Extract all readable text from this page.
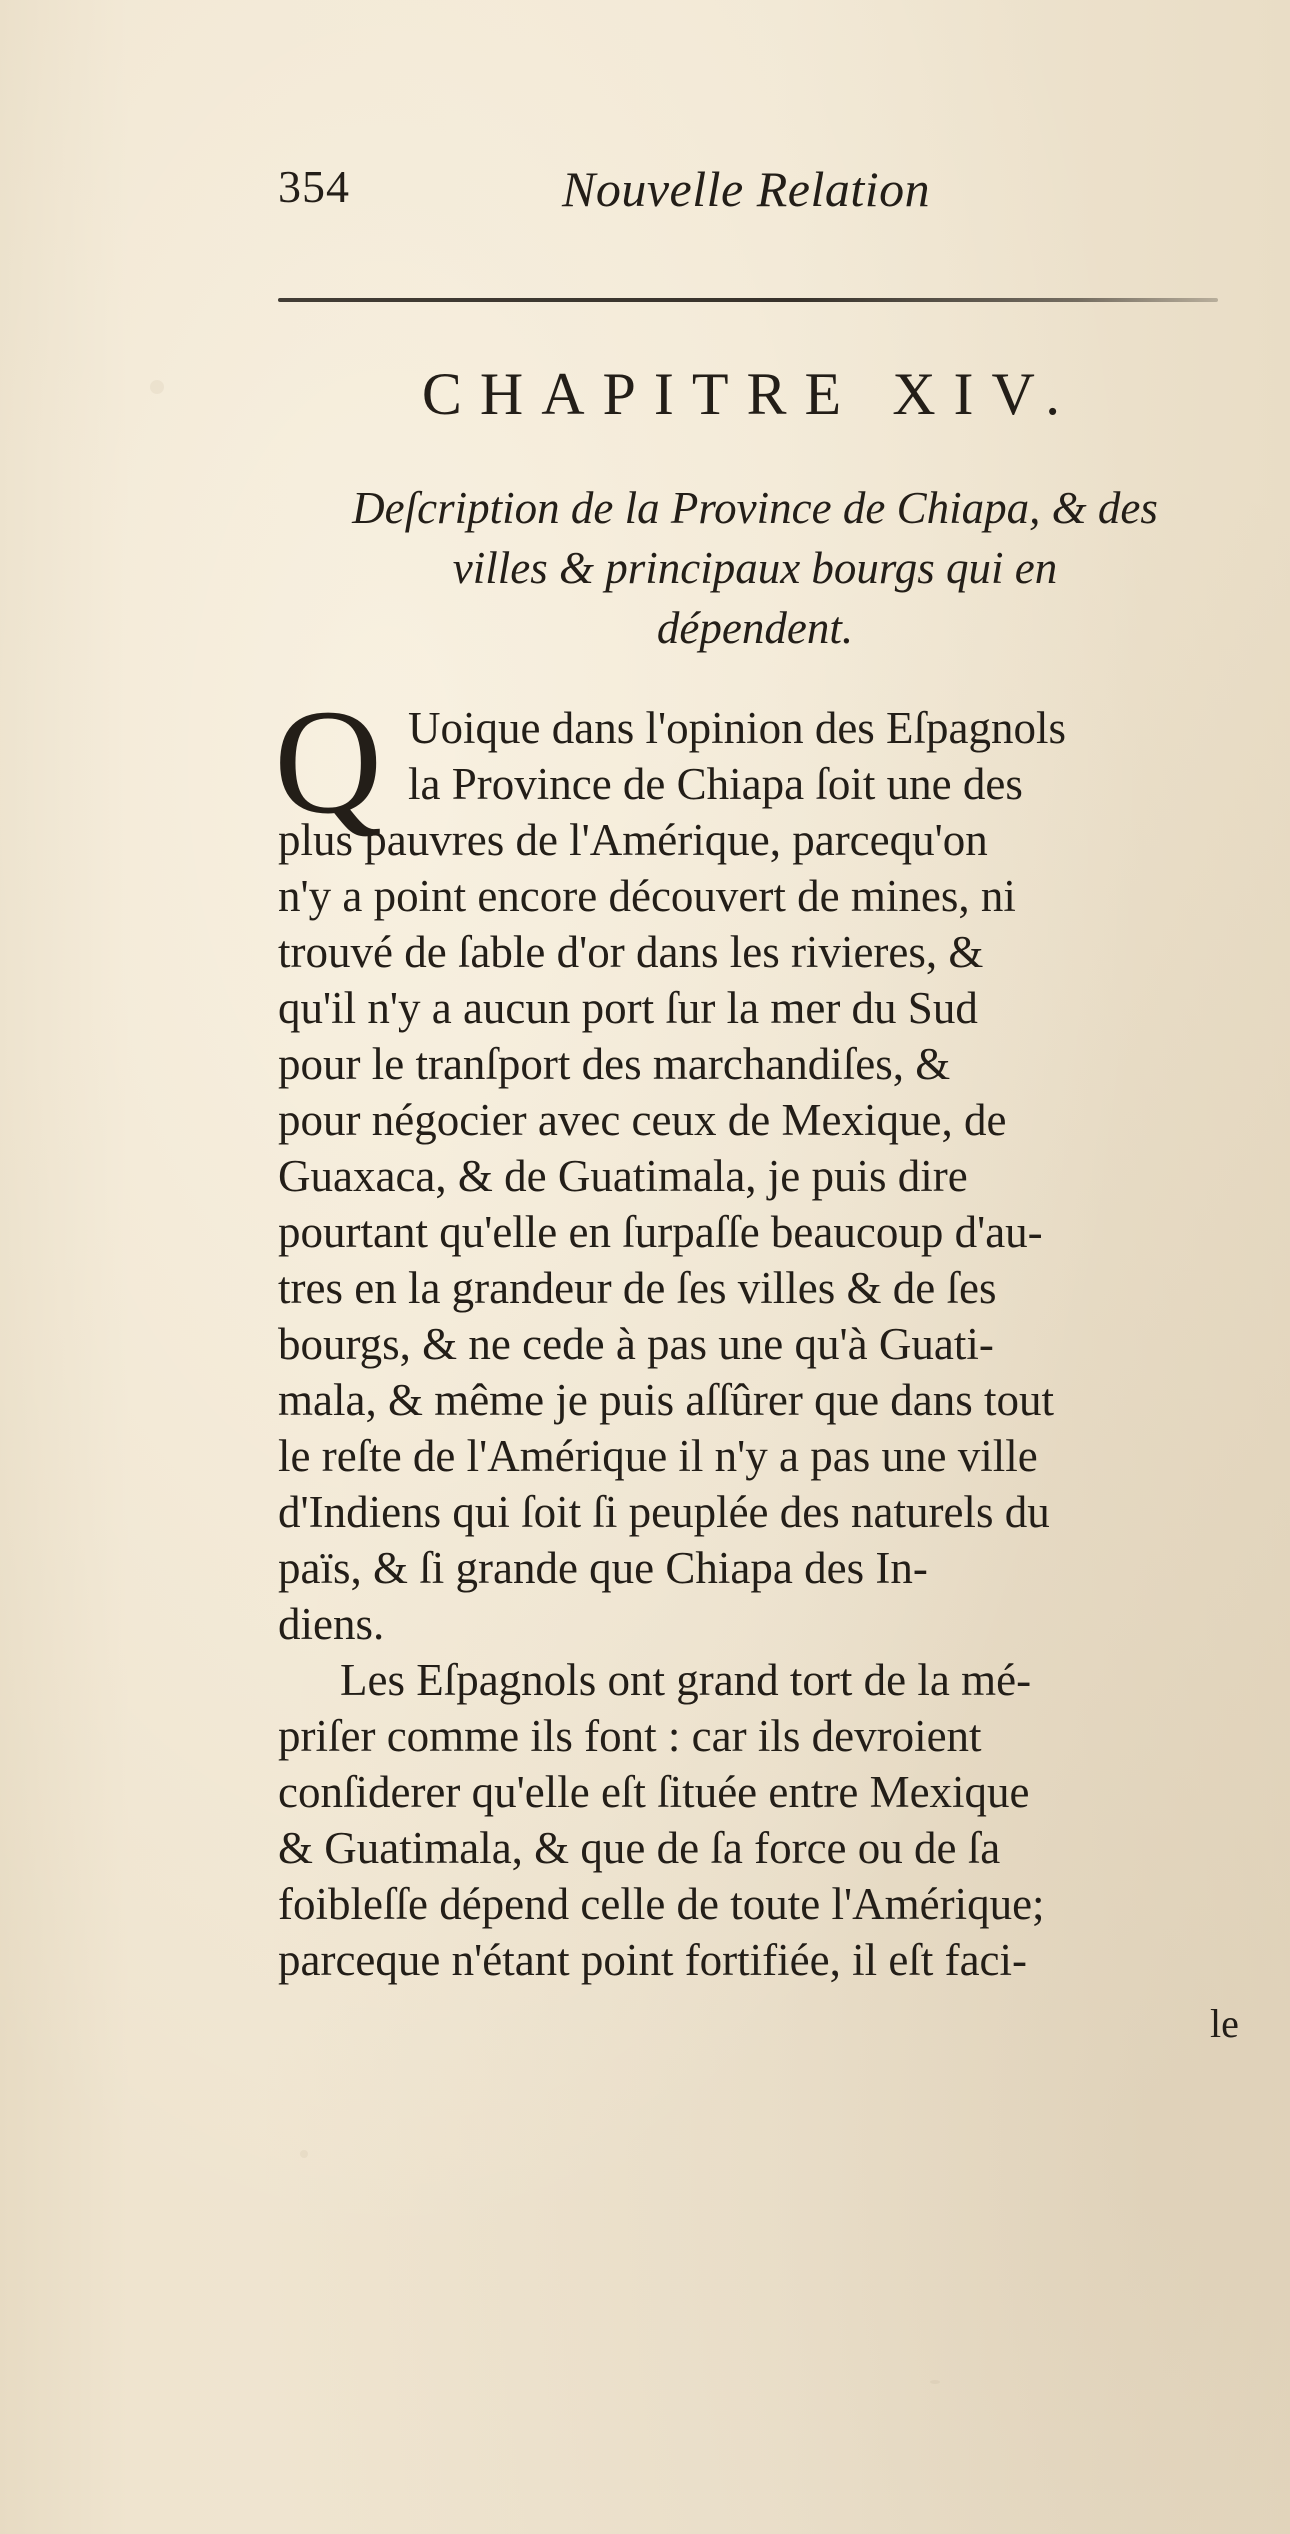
354	Nouvelle Relation
CHAPITRE XIV.
Deſcription de la Province de Chiapa, & des
villes & principaux bourgs qui en
dépendent.
Q Uoique dans l'opinion des Eſpagnols
la Province de Chiapa ſoit une des
plus pauvres de l'Amérique, parcequ'on
n'y a point encore découvert de mines, ni
trouvé de ſable d'or dans les rivieres, &
qu'il n'y a aucun port ſur la mer du Sud
pour le tranſport des marchandiſes, &
pour négocier avec ceux de Mexique, de
Guaxaca, & de Guatimala, je puis dire
pourtant qu'elle en ſurpaſſe beaucoup d'au-
tres en la grandeur de ſes villes & de ſes
bourgs, & ne cede à pas une qu'à Guati-
mala, & même je puis aſſûrer que dans tout
le reſte de l'Amérique il n'y a pas une ville
d'Indiens qui ſoit ſi peuplée des naturels du
païs, & ſi grande que Chiapa des In-
diens.
Les Eſpagnols ont grand tort de la mé-
priſer comme ils font : car ils devroient
conſiderer qu'elle eſt ſituée entre Mexique
& Guatimala, & que de ſa force ou de ſa
foibleſſe dépend celle de toute l'Amérique;
parceque n'étant point fortifiée, il eſt faci-
le
